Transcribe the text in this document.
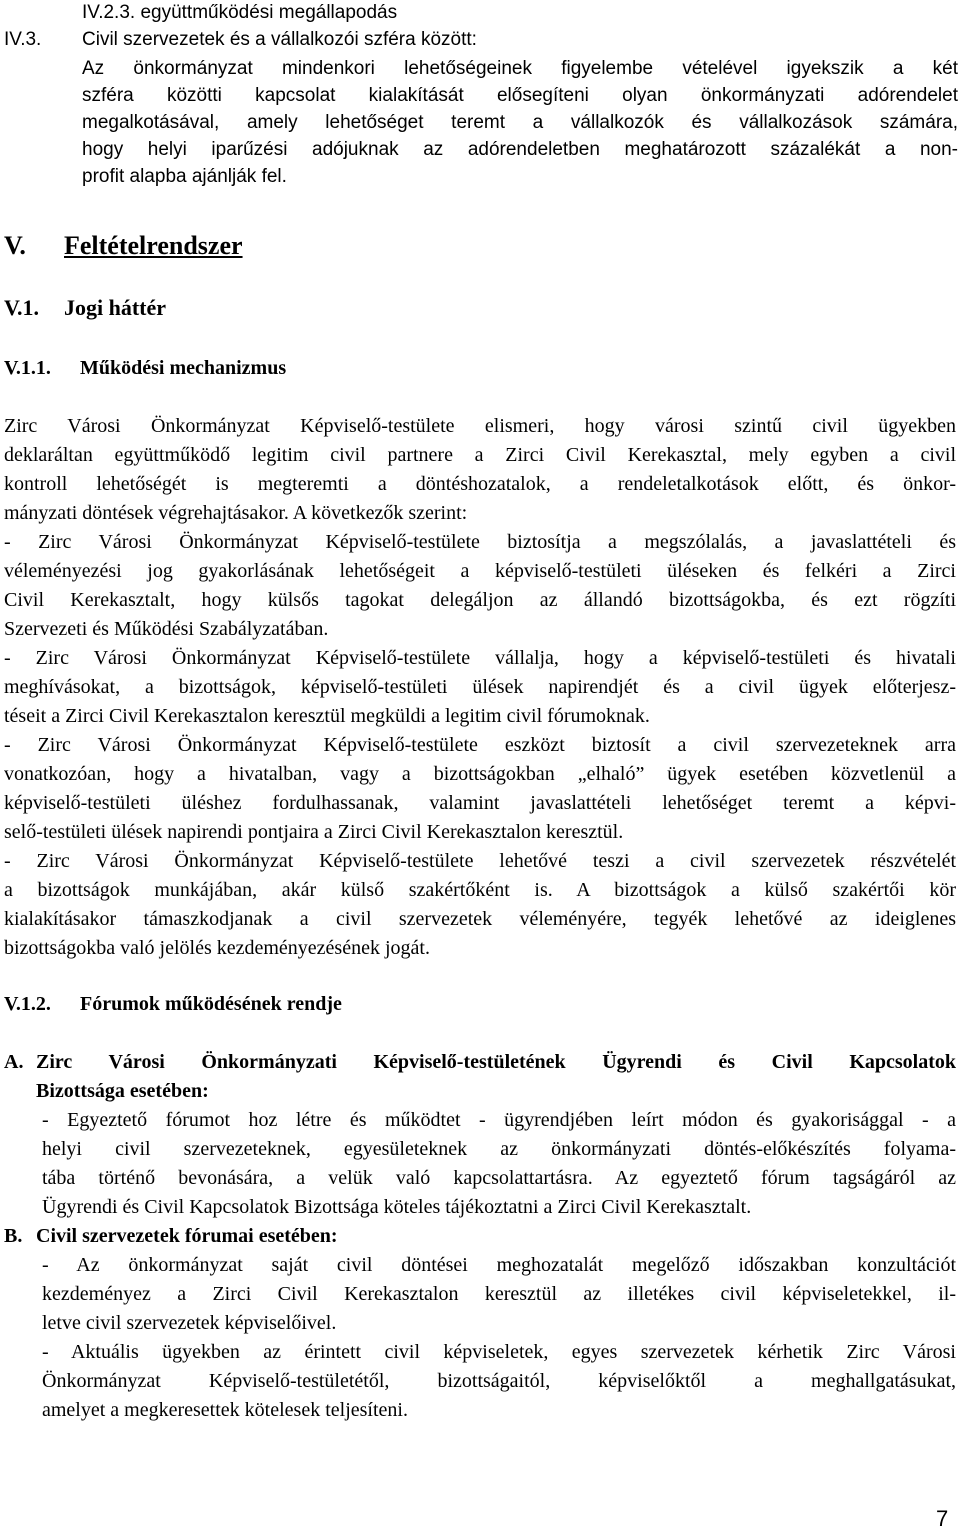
IV.2.3. együttműködési megállapodás
IV.3. Civil szervezetek és a vállalkozói szféra között:
Az önkormányzat mindenkori lehetőségeinek figyelembe vételével igyekszik a két
szféra közötti kapcsolat kialakítását elősegíteni olyan önkormányzati adórendelet
megalkotásával, amely lehetőséget teremt a vállalkozók és vállalkozások számára,
hogy helyi iparűzési adójuknak az adórendeletben meghatározott százalékát a non-
profit alapba ajánlják fel.
V. Feltételrendszer
V.1. Jogi háttér
V.1.1. Működési mechanizmus
Zirc Városi Önkormányzat Képviselő-testülete elismeri, hogy városi szintű civil ügyekben
deklaráltan együttműködő legitim civil partnere a Zirci Civil Kerekasztal, mely egyben a civil
kontroll lehetőségét is megteremti a döntéshozatalok, a rendeletalkotások előtt, és önkor-
mányzati döntések végrehajtásakor. A következők szerint:
- Zirc Városi Önkormányzat Képviselő-testülete biztosítja a megszólalás, a javaslattételi és
véleményezési jog gyakorlásának lehetőségeit a képviselő-testületi üléseken és felkéri a Zirci
Civil Kerekasztalt, hogy külsős tagokat delegáljon az állandó bizottságokba, és ezt rögzíti
Szervezeti és Működési Szabályzatában.
- Zirc Városi Önkormányzat Képviselő-testülete vállalja, hogy a képviselő-testületi és hivatali
meghívásokat, a bizottságok, képviselő-testületi ülések napirendjét és a civil ügyek előterjesz-
téseit a Zirci Civil Kerekasztalon keresztül megküldi a legitim civil fórumoknak.
- Zirc Városi Önkormányzat Képviselő-testülete eszközt biztosít a civil szervezeteknek arra
vonatkozóan, hogy a hivatalban, vagy a bizottságokban „elhaló” ügyek esetében közvetlenül a
képviselő-testületi üléshez fordulhassanak, valamint javaslattételi lehetőséget teremt a képvi-
selő-testületi ülések napirendi pontjaira a Zirci Civil Kerekasztalon keresztül.
- Zirc Városi Önkormányzat Képviselő-testülete lehetővé teszi a civil szervezetek részvételét
a bizottságok munkájában, akár külső szakértőként is. A bizottságok a külső szakértői kör
kialakításakor támaszkodjanak a civil szervezetek véleményére, tegyék lehetővé az ideiglenes
bizottságokba való jelölés kezdeményezésének jogát.
V.1.2. Fórumok működésének rendje
A. Zirc Városi Önkormányzati Képviselő-testületének Ügyrendi és Civil Kapcsolatok
Bizottsága esetében:
- Egyeztető fórumot hoz létre és működtet - ügyrendjében leírt módon és gyakorisággal - a
helyi civil szervezeteknek, egyesületeknek az önkormányzati döntés-előkészítés folyama-
tába történő bevonására, a velük való kapcsolattartásra. Az egyeztető fórum tagságáról az
Ügyrendi és Civil Kapcsolatok Bizottsága köteles tájékoztatni a Zirci Civil Kerekasztalt.
B. Civil szervezetek fórumai esetében:
- Az önkormányzat saját civil döntései meghozatalát megelőző időszakban konzultációt
kezdeményez a Zirci Civil Kerekasztalon keresztül az illetékes civil képviseletekkel, il-
letve civil szervezetek képviselőivel.
- Aktuális ügyekben az érintett civil képviseletek, egyes szervezetek kérhetik Zirc Városi
Önkormányzat Képviselő-testületétől, bizottságaitól, képviselőktől a meghallgatásukat,
amelyet a megkeresettek kötelesek teljesíteni.
7
